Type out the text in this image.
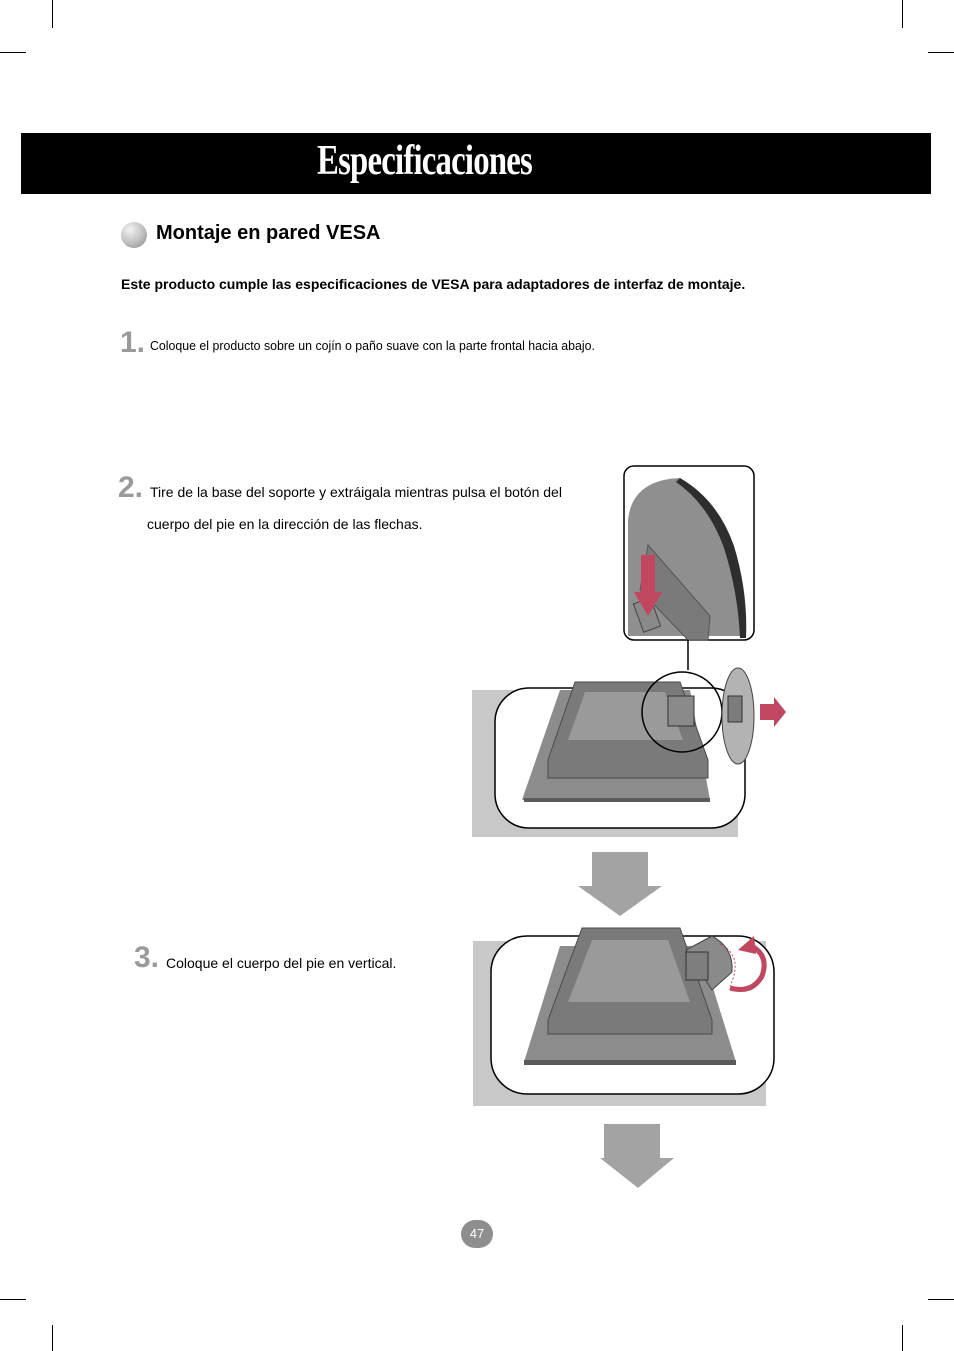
Especificaciones
Montaje en pared VESA
Este producto cumple las especificaciones de VESA para adaptadores de interfaz de montaje.
1. Coloque el producto sobre un cojín o paño suave con la parte frontal hacia abajo.
2. Tire de la base del soporte y extráigala mientras pulsa el botón del
cuerpo del pie en la dirección de las flechas.
3. Coloque el cuerpo del pie en vertical.
47
